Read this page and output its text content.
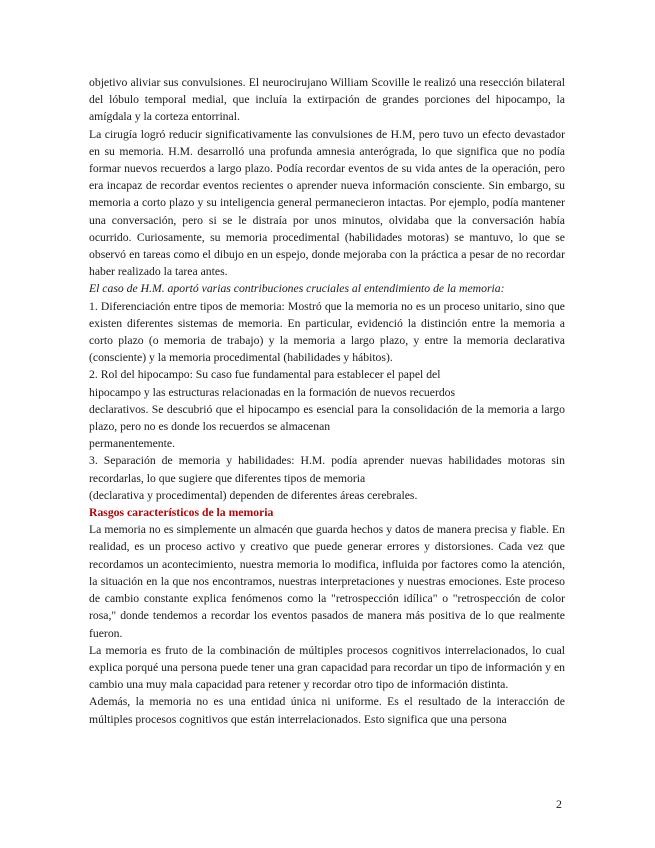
objetivo aliviar sus convulsiones. El neurocirujano William Scoville le realizó una resección bilateral del lóbulo temporal medial, que incluía la extirpación de grandes porciones del hipocampo, la amígdala y la corteza entorrinal.

La cirugía logró reducir significativamente las convulsiones de H.M, pero tuvo un efecto devastador en su memoria. H.M. desarrolló una profunda amnesia anterógrada, lo que significa que no podía formar nuevos recuerdos a largo plazo. Podía recordar eventos de su vida antes de la operación, pero era incapaz de recordar eventos recientes o aprender nueva información consciente. Sin embargo, su memoria a corto plazo y su inteligencia general permanecieron intactas. Por ejemplo, podía mantener una conversación, pero si se le distraía por unos minutos, olvidaba que la conversación había ocurrido. Curiosamente, su memoria procedimental (habilidades motoras) se mantuvo, lo que se observó en tareas como el dibujo en un espejo, donde mejoraba con la práctica a pesar de no recordar haber realizado la tarea antes.

El caso de H.M. aportó varias contribuciones cruciales al entendimiento de la memoria:

1. Diferenciación entre tipos de memoria: Mostró que la memoria no es un proceso unitario, sino que existen diferentes sistemas de memoria. En particular, evidenció la distinción entre la memoria a corto plazo (o memoria de trabajo) y la memoria a largo plazo, y entre la memoria declarativa (consciente) y la memoria procedimental (habilidades y hábitos).

2. Rol del hipocampo: Su caso fue fundamental para establecer el papel del

hipocampo y las estructuras relacionadas en la formación de nuevos recuerdos

declarativos. Se descubrió que el hipocampo es esencial para la consolidación de la memoria a largo plazo, pero no es donde los recuerdos se almacenan

permanentemente.

3. Separación de memoria y habilidades: H.M. podía aprender nuevas habilidades motoras sin recordarlas, lo que sugiere que diferentes tipos de memoria

(declarativa y procedimental) dependen de diferentes áreas cerebrales.

Rasgos característicos de la memoria

La memoria no es simplemente un almacén que guarda hechos y datos de manera precisa y fiable. En realidad, es un proceso activo y creativo que puede generar errores y distorsiones. Cada vez que recordamos un acontecimiento, nuestra memoria lo modifica, influida por factores como la atención, la situación en la que nos encontramos, nuestras interpretaciones y nuestras emociones. Este proceso de cambio constante explica fenómenos como la "retrospección idílica" o "retrospección de color rosa," donde tendemos a recordar los eventos pasados de manera más positiva de lo que realmente fueron.

La memoria es fruto de la combinación de múltiples procesos cognitivos interrelacionados, lo cual explica porqué una persona puede tener una gran capacidad para recordar un tipo de información y en cambio una muy mala capacidad para retener y recordar otro tipo de información distinta.

Además, la memoria no es una entidad única ni uniforme. Es el resultado de la interacción de múltiples procesos cognitivos que están interrelacionados. Esto significa que una persona

2
